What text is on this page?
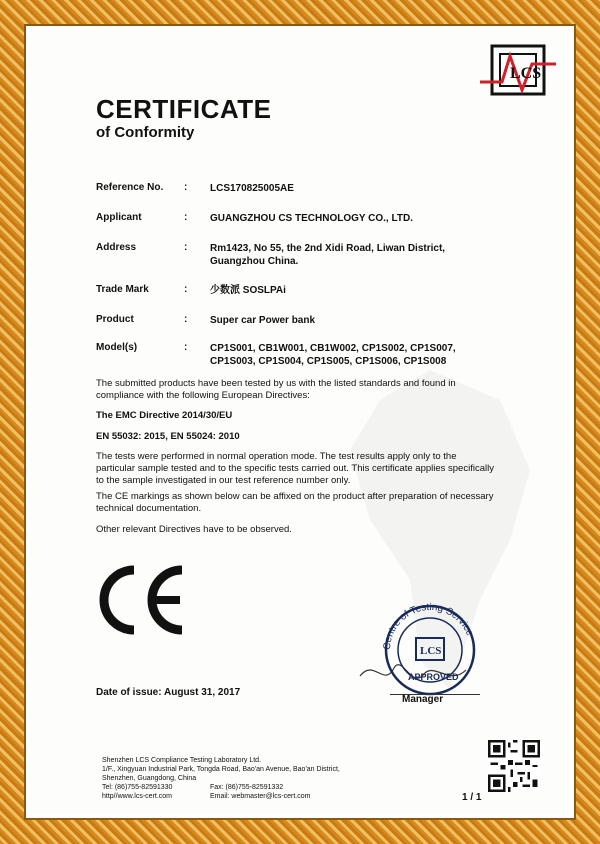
LCS
CERTIFICATE
of Conformity
Reference No.	: LCS170825005AE
Applicant	: GUANGZHOU CS TECHNOLOGY CO., LTD.
Address	: Rm1423, No 55, the 2nd Xidi Road, Liwan District, Guangzhou China.
Trade Mark	: 少数派 SOSLPAi
Product	: Super car Power bank
Model(s)	: CP1S001, CB1W001, CB1W002, CP1S002, CP1S007, CP1S003, CP1S004, CP1S005, CP1S006, CP1S008
The submitted products have been tested by us with the listed standards and found in compliance with the following European Directives:
The EMC Directive 2014/30/EU
EN 55032: 2015, EN 55024: 2010
The tests were performed in normal operation mode. The test results apply only to the particular sample tested and to the specific tests carried out. This certificate applies specifically to the sample investigated in our test reference number only.
The CE markings as shown below can be affixed on the product after preparation of necessary technical documentation.
Other relevant Directives have to be observed.
Centre of Testing Service
LCS
APPROVED
Manager
Date of issue: August 31, 2017
Shenzhen LCS Compliance Testing Laboratory Ltd.
1/F., Xingyuan Industrial Park, Tongda Road, Bao'an Avenue, Bao'an District,
Shenzhen, Guangdong, China
Tel: (86)755-82591330	Fax: (86)755-82591332
http//www.lcs-cert.com	Email: webmaster@lcs-cert.com	1 / 1
